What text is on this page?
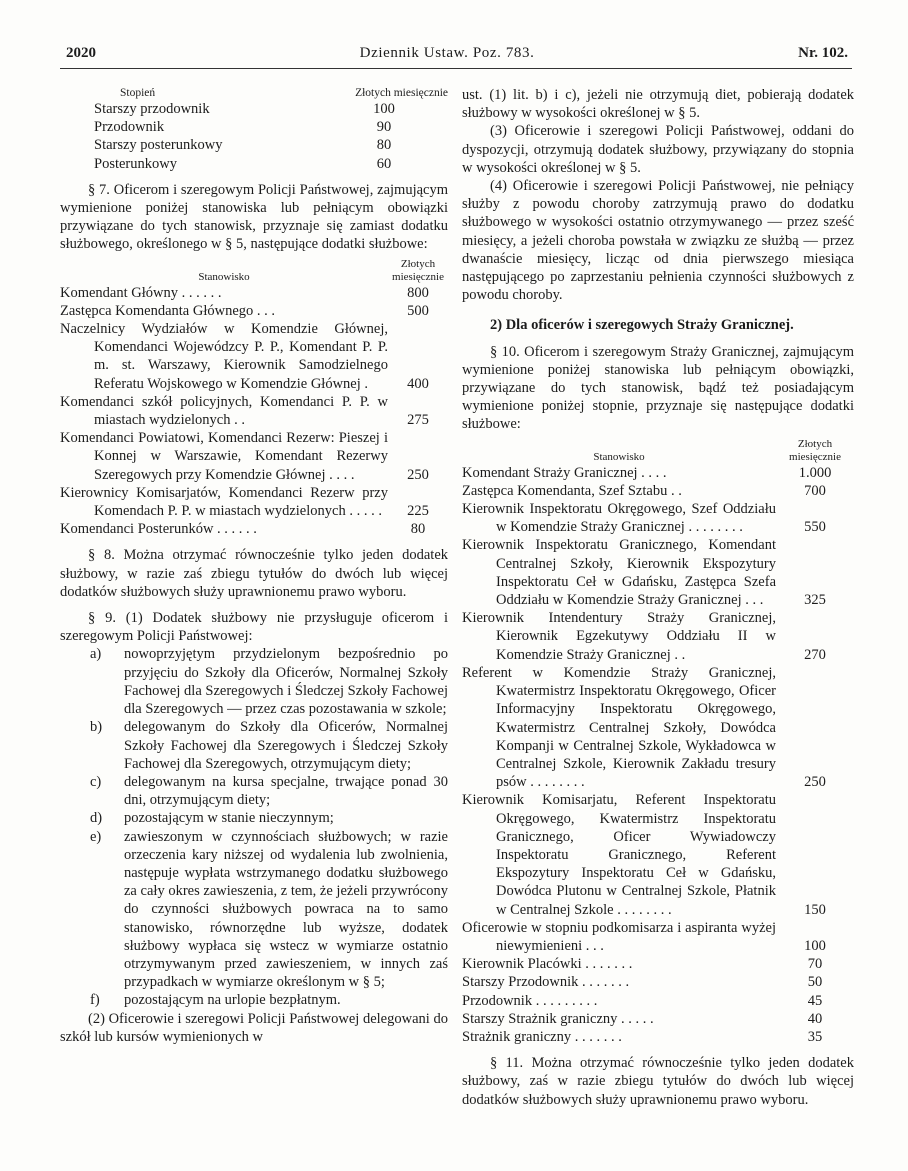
2020	Dziennik Ustaw. Poz. 783.	Nr. 102.
Stopień	Złotych miesięcznie
Starszy przodownik	100
Przodownik	90
Starszy posterunkowy	80
Posterunkowy	60

§ 7. Oficerom i szeregowym Policji Państwowej, zajmującym wymienione poniżej stanowiska lub pełniącym obowiązki przywiązane do tych stanowisk, przyznaje się zamiast dodatku służbowego, określonego w § 5, następujące dodatki służbowe:

Stanowisko
Złotych miesięcznie
Komendant Główny . . . . . .	800
Zastępca Komendanta Głównego . . .	500
Naczelnicy Wydziałów w Komendzie Głównej, Komendanci Wojewódzcy P. P., Komendant P. P. m. st. Warszawy, Kierownik Samodzielnego Referatu Wojskowego w Komendzie Głównej .	400
Komendanci szkół policyjnych, Komendanci P. P. w miastach wydzielonych . .	275
Komendanci Powiatowi, Komendanci Rezerw: Pieszej i Konnej w Warszawie, Komendant Rezerwy Szeregowych przy Komendzie Głównej . . . .	250
Kierownicy Komisarjatów, Komendanci Rezerw przy Komendach P. P. w miastach wydzielonych . . . . .	225
Komendanci Posterunków . . . . . .	80

§ 8. Można otrzymać równocześnie tylko jeden dodatek służbowy, w razie zaś zbiegu tytułów do dwóch lub więcej dodatków służbowych służy uprawnionemu prawo wyboru.

§ 9. (1) Dodatek służbowy nie przysługuje oficerom i szeregowym Policji Państwowej:

a)	nowoprzyjętym przydzielonym bezpośrednio po przyjęciu do Szkoły dla Oficerów, Normalnej Szkoły Fachowej dla Szeregowych i Śledczej Szkoły Fachowej dla Szeregowych — przez czas pozostawania w szkole;
b)	delegowanym do Szkoły dla Oficerów, Normalnej Szkoły Fachowej dla Szeregowych i Śledczej Szkoły Fachowej dla Szeregowych, otrzymującym diety;
c)	delegowanym na kursa specjalne, trwające ponad 30 dni, otrzymującym diety;
d)	pozostającym w stanie nieczynnym;
e)	zawieszonym w czynnościach służbowych; w razie orzeczenia kary niższej od wydalenia lub zwolnienia, następuje wypłata wstrzymanego dodatku służbowego za cały okres zawieszenia, z tem, że jeżeli przywrócony do czynności służbowych powraca na to samo stanowisko, równorzędne lub wyższe, dodatek służbowy wypłaca się wstecz w wymiarze ostatnio otrzymywanym przed zawieszeniem, w innych zaś przypadkach w wymiarze określonym w § 5;
f)	pozostającym na urlopie bezpłatnym.

(2) Oficerowie i szeregowi Policji Państwowej delegowani do szkół lub kursów wymienionych w

ust. (1) lit. b) i c), jeżeli nie otrzymują diet, pobierają dodatek służbowy w wysokości określonej w § 5.

(3) Oficerowie i szeregowi Policji Państwowej, oddani do dyspozycji, otrzymują dodatek służbowy, przywiązany do stopnia w wysokości określonej w § 5.

(4) Oficerowie i szeregowi Policji Państwowej, nie pełniący służby z powodu choroby zatrzymują prawo do dodatku służbowego w wysokości ostatnio otrzymywanego — przez sześć miesięcy, a jeżeli choroba powstała w związku ze służbą — przez dwanaście miesięcy, licząc od dnia pierwszego miesiąca następującego po zaprzestaniu pełnienia czynności służbowych z powodu choroby.

2) Dla oficerów i szeregowych Straży Granicznej.

§ 10. Oficerom i szeregowym Straży Granicznej, zajmującym wymienione poniżej stanowiska lub pełniącym obowiązki, przywiązane do tych stanowisk, bądź też posiadającym wymienione poniżej stopnie, przyznaje się następujące dodatki służbowe:

Stanowisko
Złotych miesięcznie
Komendant Straży Granicznej . . . .	1.000
Zastępca Komendanta, Szef Sztabu . .	700
Kierownik Inspektoratu Okręgowego, Szef Oddziału w Komendzie Straży Granicznej . . . . . . . .	550
Kierownik Inspektoratu Granicznego, Komendant Centralnej Szkoły, Kierownik Ekspozytury Inspektoratu Ceł w Gdańsku, Zastępca Szefa Oddziału w Komendzie Straży Granicznej . . .	325
Kierownik Intendentury Straży Granicznej, Kierownik Egzekutywy Oddziału II w Komendzie Straży Granicznej . .	270
Referent w Komendzie Straży Granicznej, Kwatermistrz Inspektoratu Okręgowego, Oficer Informacyjny Inspektoratu Okręgowego, Kwatermistrz Centralnej Szkoły, Dowódca Kompanji w Centralnej Szkole, Wykładowca w Centralnej Szkole, Kierownik Zakładu tresury psów . . . . . . . .	250
Kierownik Komisarjatu, Referent Inspektoratu Okręgowego, Kwatermistrz Inspektoratu Granicznego, Oficer Wywiadowczy Inspektoratu Granicznego, Referent Ekspozytury Inspektoratu Ceł w Gdańsku, Dowódca Plutonu w Centralnej Szkole, Płatnik w Centralnej Szkole . . . . . . . .	150
Oficerowie w stopniu podkomisarza i aspiranta wyżej niewymienieni . . .	100
Kierownik Placówki . . . . . . .	70
Starszy Przodownik . . . . . . .	50
Przodownik . . . . . . . . .	45
Starszy Strażnik graniczny . . . . .	40
Strażnik graniczny . . . . . . .	35

§ 11. Można otrzymać równocześnie tylko jeden dodatek służbowy, zaś w razie zbiegu tytułów do dwóch lub więcej dodatków służbowych służy uprawnionemu prawo wyboru.
